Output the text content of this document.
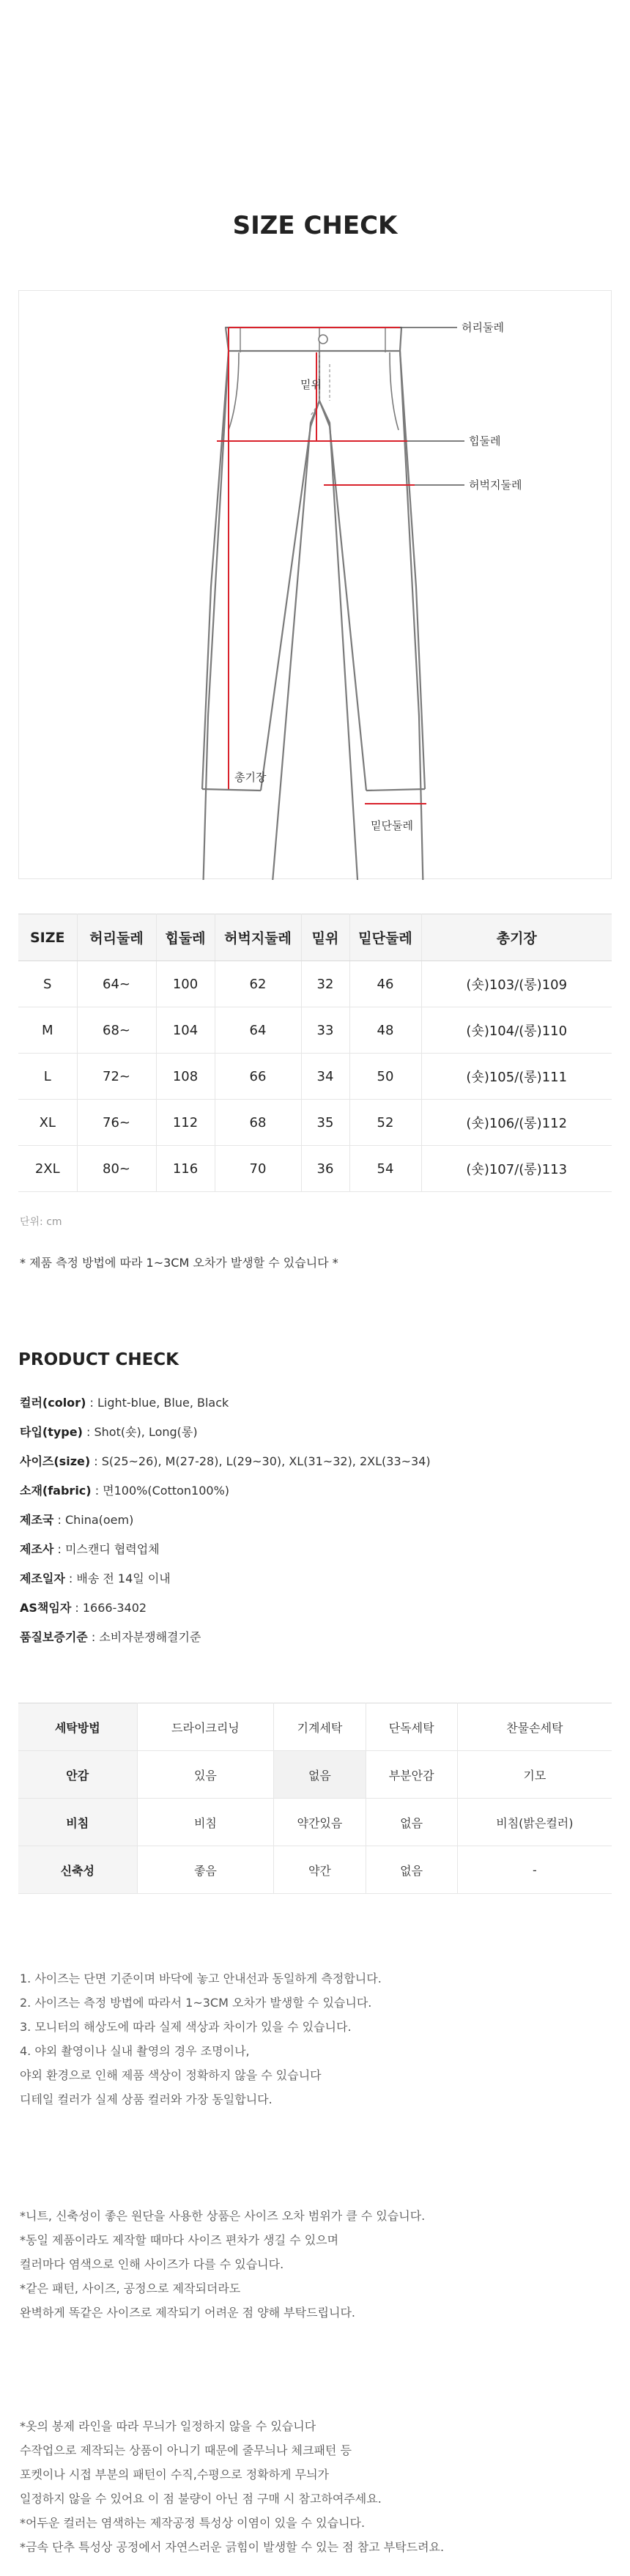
SIZE CHECK
허리둘레
밑위
힙둘레
허벅지둘레
총기장
밑단둘레
SIZE	허리둘레	힙둘레	허벅지둘레	밑위	밑단둘레	총기장
S	64~	100	62	32	46	(숏)103/(롱)109
M	68~	104	64	33	48	(숏)104/(롱)110
L	72~	108	66	34	50	(숏)105/(롱)111
XL	76~	112	68	35	52	(숏)106/(롱)112
2XL	80~	116	70	36	54	(숏)107/(롱)113
단위: cm
* 제품 측정 방법에 따라 1~3CM 오차가 발생할 수 있습니다 *
PRODUCT CHECK
컬러(color) : Light-blue, Blue, Black
타입(type) : Shot(숏), Long(롱)
사이즈(size) : S(25~26), M(27-28), L(29~30), XL(31~32), 2XL(33~34)
소재(fabric) : 면100%(Cotton100%)
제조국 : China(oem)
제조사 : 미스캔디 협력업체
제조일자 : 배송 전 14일 이내
AS책임자 : 1666-3402
품질보증기준 : 소비자분쟁해결기준
세탁방법	드라이크리닝	기계세탁	단독세탁	찬물손세탁
안감	있음	없음	부분안감	기모
비침	비침	약간있음	없음	비침(밝은컬러)
신축성	좋음	약간	없음	-
1. 사이즈는 단면 기준이며 바닥에 놓고 안내선과 동일하게 측정합니다.
2. 사이즈는 측정 방법에 따라서 1~3CM 오차가 발생할 수 있습니다.
3. 모니터의 해상도에 따라 실제 색상과 차이가 있을 수 있습니다.
4. 야외 촬영이나 실내 촬영의 경우 조명이나,
야외 환경으로 인해 제품 색상이 정확하지 않을 수 있습니다
디테일 컬러가 실제 상품 컬러와 가장 동일합니다.
*니트, 신축성이 좋은 원단을 사용한 상품은 사이즈 오차 범위가 클 수 있습니다.
*동일 제품이라도 제작할 때마다 사이즈 편차가 생길 수 있으며
컬러마다 염색으로 인해 사이즈가 다를 수 있습니다.
*같은 패턴, 사이즈, 공정으로 제작되더라도
완벽하게 똑같은 사이즈로 제작되기 어려운 점 양해 부탁드립니다.
*옷의 봉제 라인을 따라 무늬가 일정하지 않을 수 있습니다
수작업으로 제작되는 상품이 아니기 때문에 줄무늬나 체크패턴 등
포켓이나 시접 부분의 패턴이 수직,수평으로 정확하게 무늬가
일정하지 않을 수 있어요 이 점 불량이 아닌 점 구매 시 참고하여주세요.
*어두운 컬러는 염색하는 제작공정 특성상 이염이 있을 수 있습니다.
*금속 단추 특성상 공정에서 자연스러운 긁힘이 발생할 수 있는 점 참고 부탁드려요.
